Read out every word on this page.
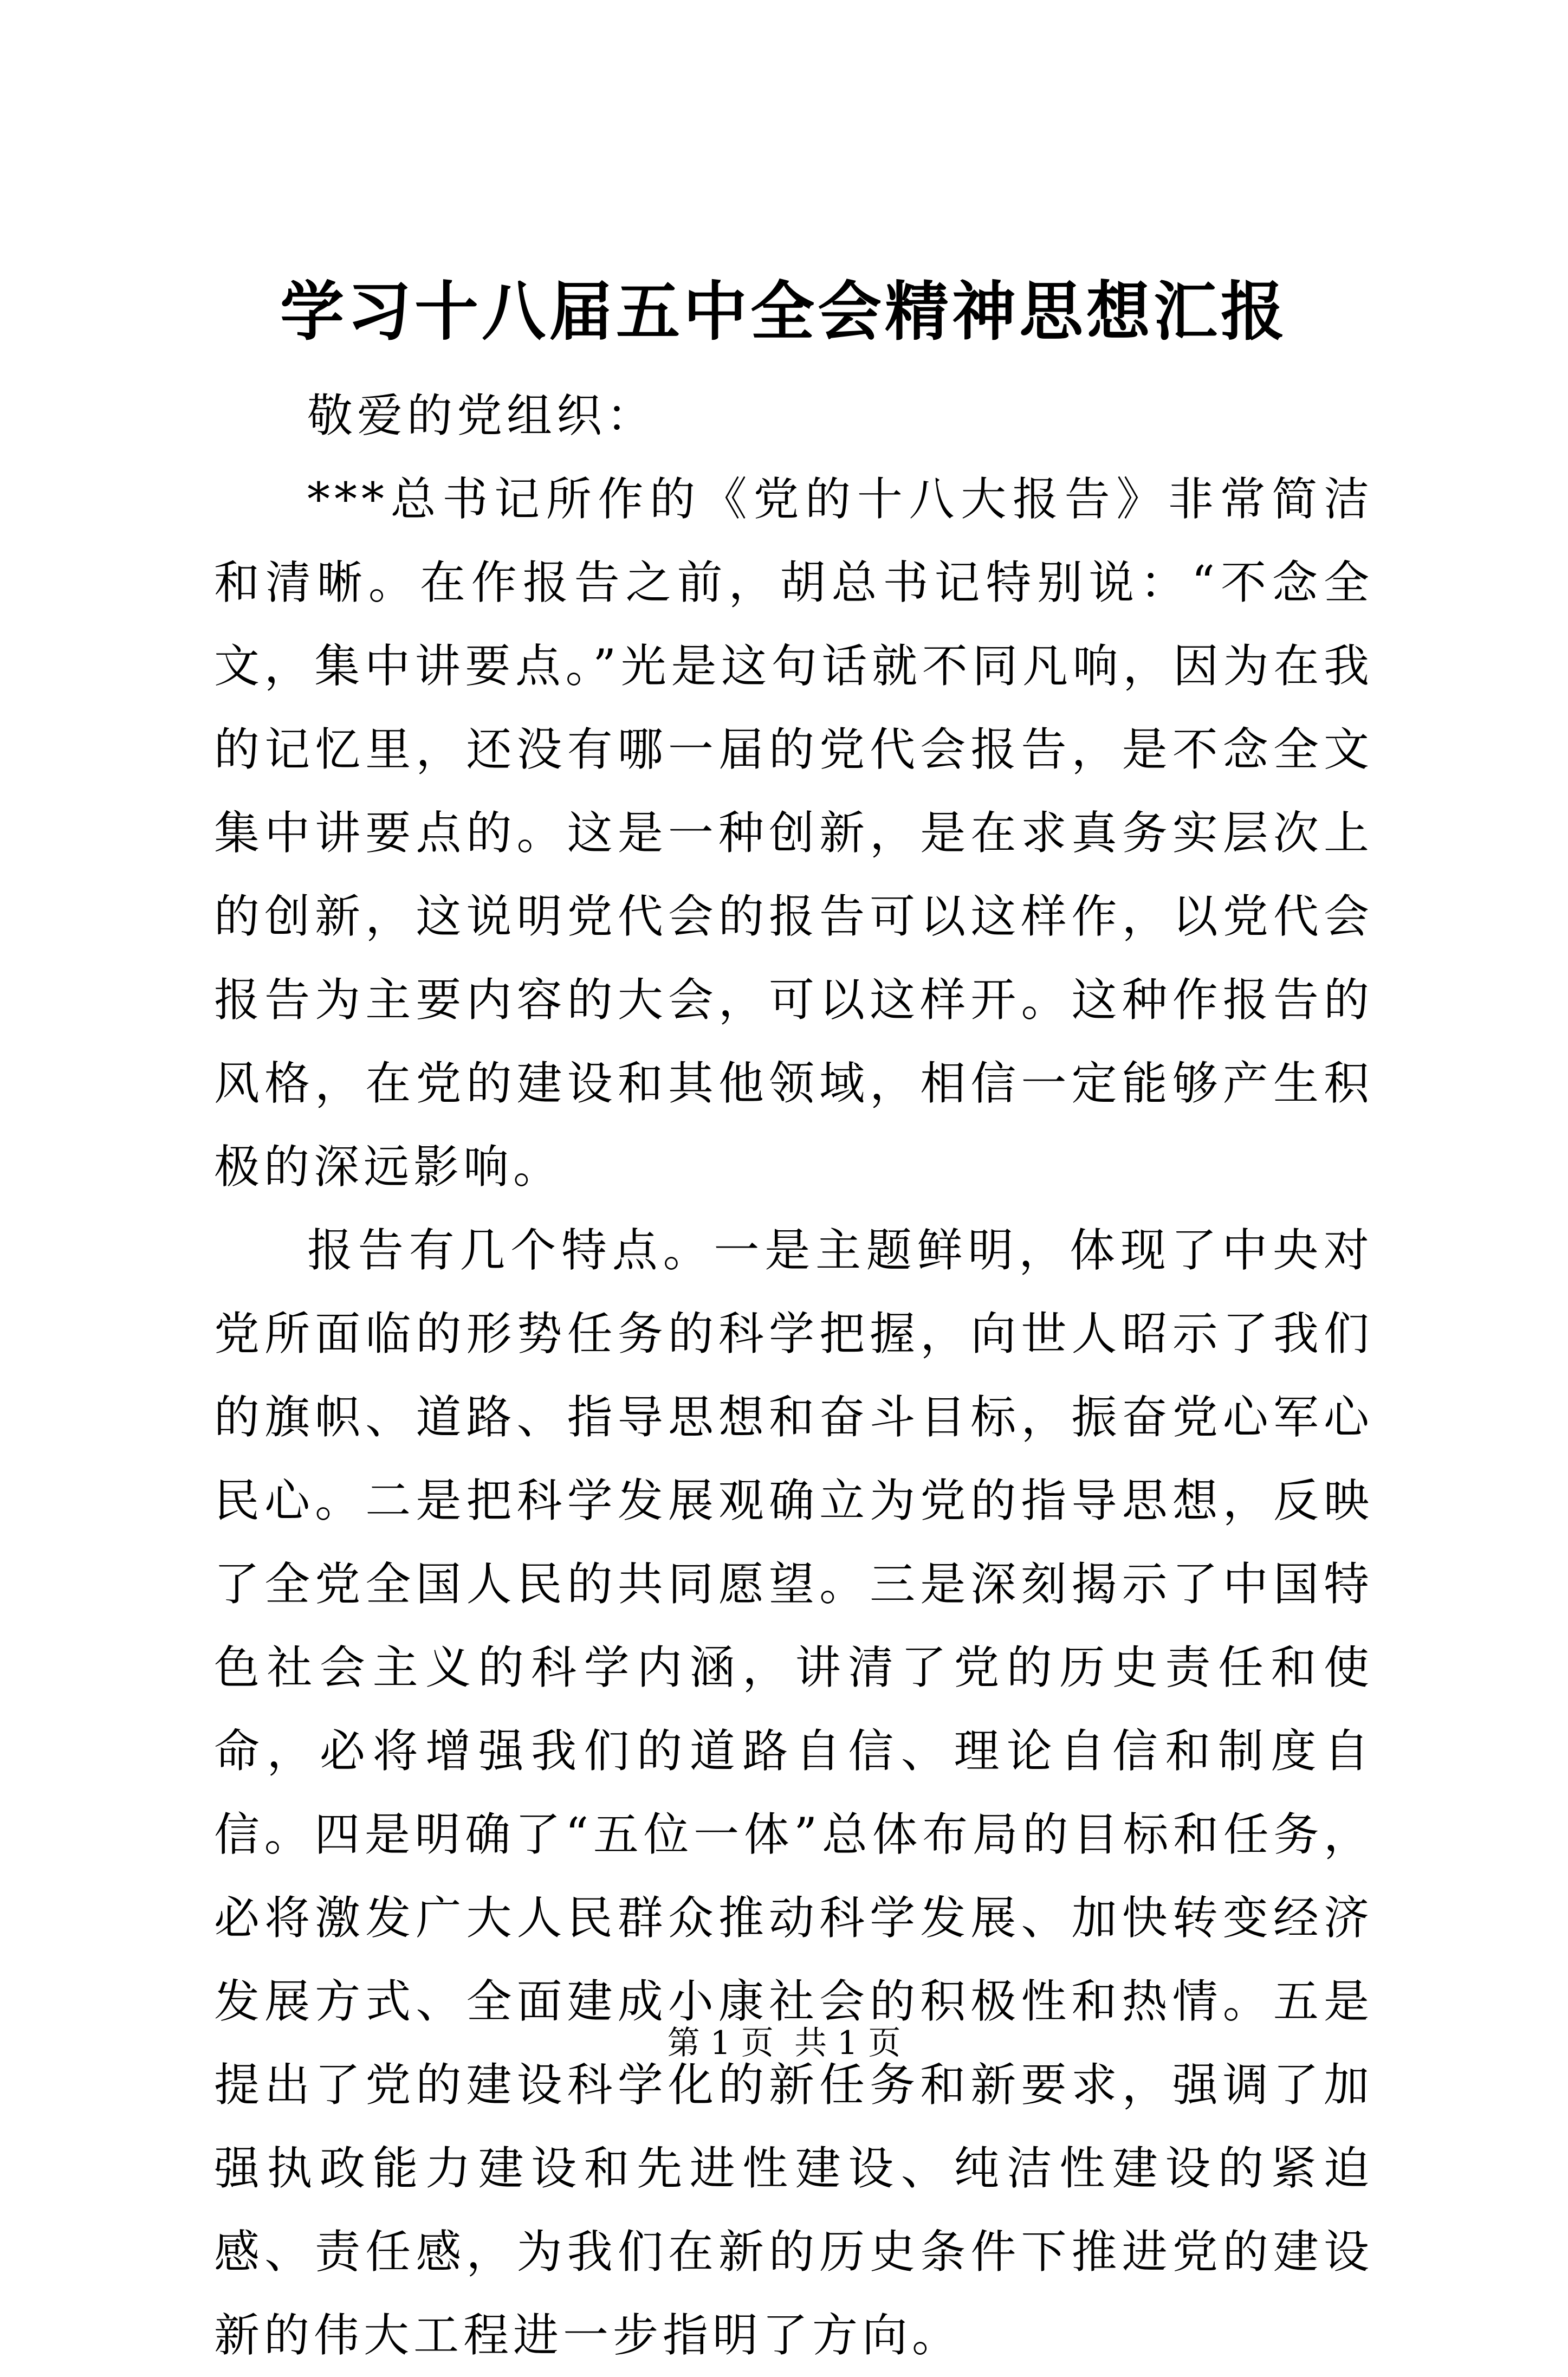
学习十八届五中全会精神思想汇报

敬爱的党组织：

***总书记所作的《党的十八大报告》非常简洁和清晰。在作报告之前，胡总书记特别说：“不念全文，集中讲要点。”光是这句话就不同凡响，因为在我的记忆里，还没有哪一届的党代会报告，是不念全文集中讲要点的。这是一种创新，是在求真务实层次上的创新，这说明党代会的报告可以这样作，以党代会报告为主要内容的大会，可以这样开。这种作报告的风格，在党的建设和其他领域，相信一定能够产生积极的深远影响。

报告有几个特点。一是主题鲜明，体现了中央对党所面临的形势任务的科学把握，向世人昭示了我们的旗帜、道路、指导思想和奋斗目标，振奋党心军心民心。二是把科学发展观确立为党的指导思想，反映了全党全国人民的共同愿望。三是深刻揭示了中国特色社会主义的科学内涵，讲清了党的历史责任和使命，必将增强我们的道路自信、理论自信和制度自信。四是明确了“五位一体”总体布局的目标和任务，必将激发广大人民群众推动科学发展、加快转变经济发展方式、全面建成小康社会的积极性和热情。五是提出了党的建设科学化的新任务和新要求，强调了加强执政能力建设和先进性建设、纯洁性建设的紧迫感、责任感，为我们在新的历史条件下推进党的建设新的伟大工程进一步指明了方向。

第 1 页  共 1 页
